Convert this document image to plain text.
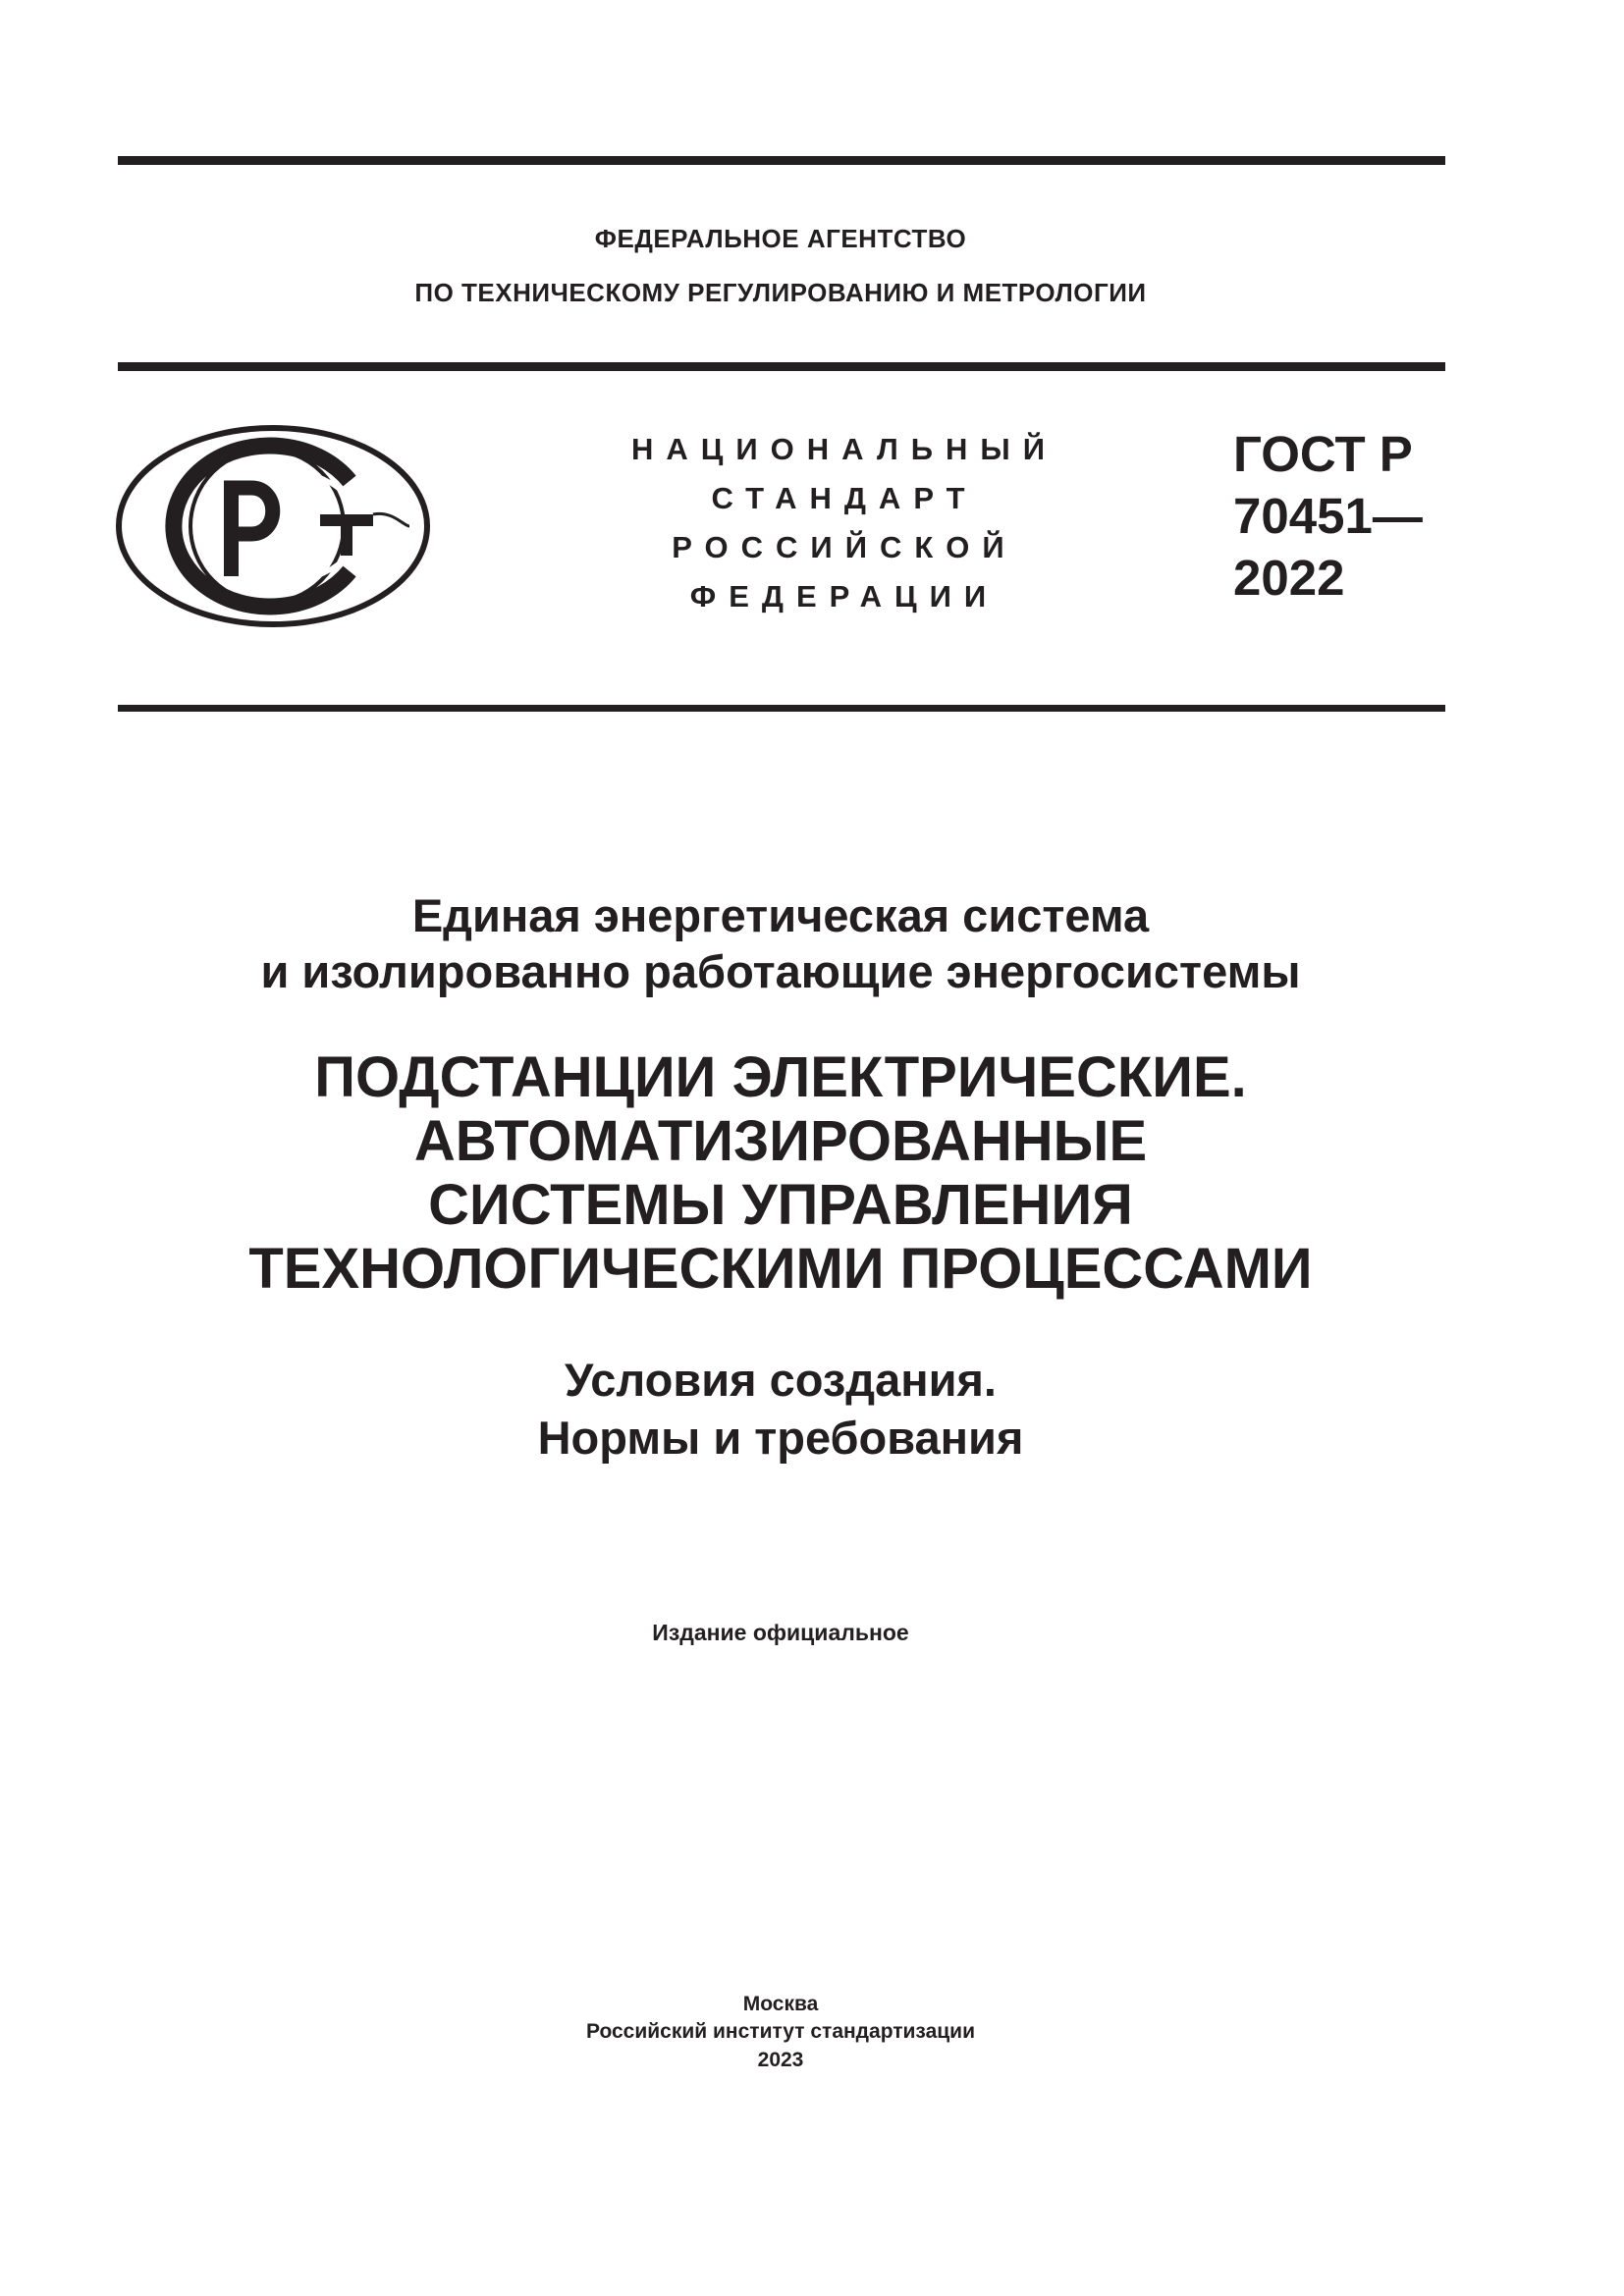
ФЕДЕРАЛЬНОЕ АГЕНТСТВО
ПО ТЕХНИЧЕСКОМУ РЕГУЛИРОВАНИЮ И МЕТРОЛОГИИ
НАЦИОНАЛЬНЫЙ
СТАНДАРТ
РОССИЙСКОЙ
ФЕДЕРАЦИИ
ГОСТ Р
70451—
2022
Единая энергетическая система
и изолированно работающие энергосистемы
ПОДСТАНЦИИ ЭЛЕКТРИЧЕСКИЕ.
АВТОМАТИЗИРОВАННЫЕ
СИСТЕМЫ УПРАВЛЕНИЯ
ТЕХНОЛОГИЧЕСКИМИ ПРОЦЕССАМИ
Условия создания.
Нормы и требования
Издание официальное
Москва
Российский институт стандартизации
2023
